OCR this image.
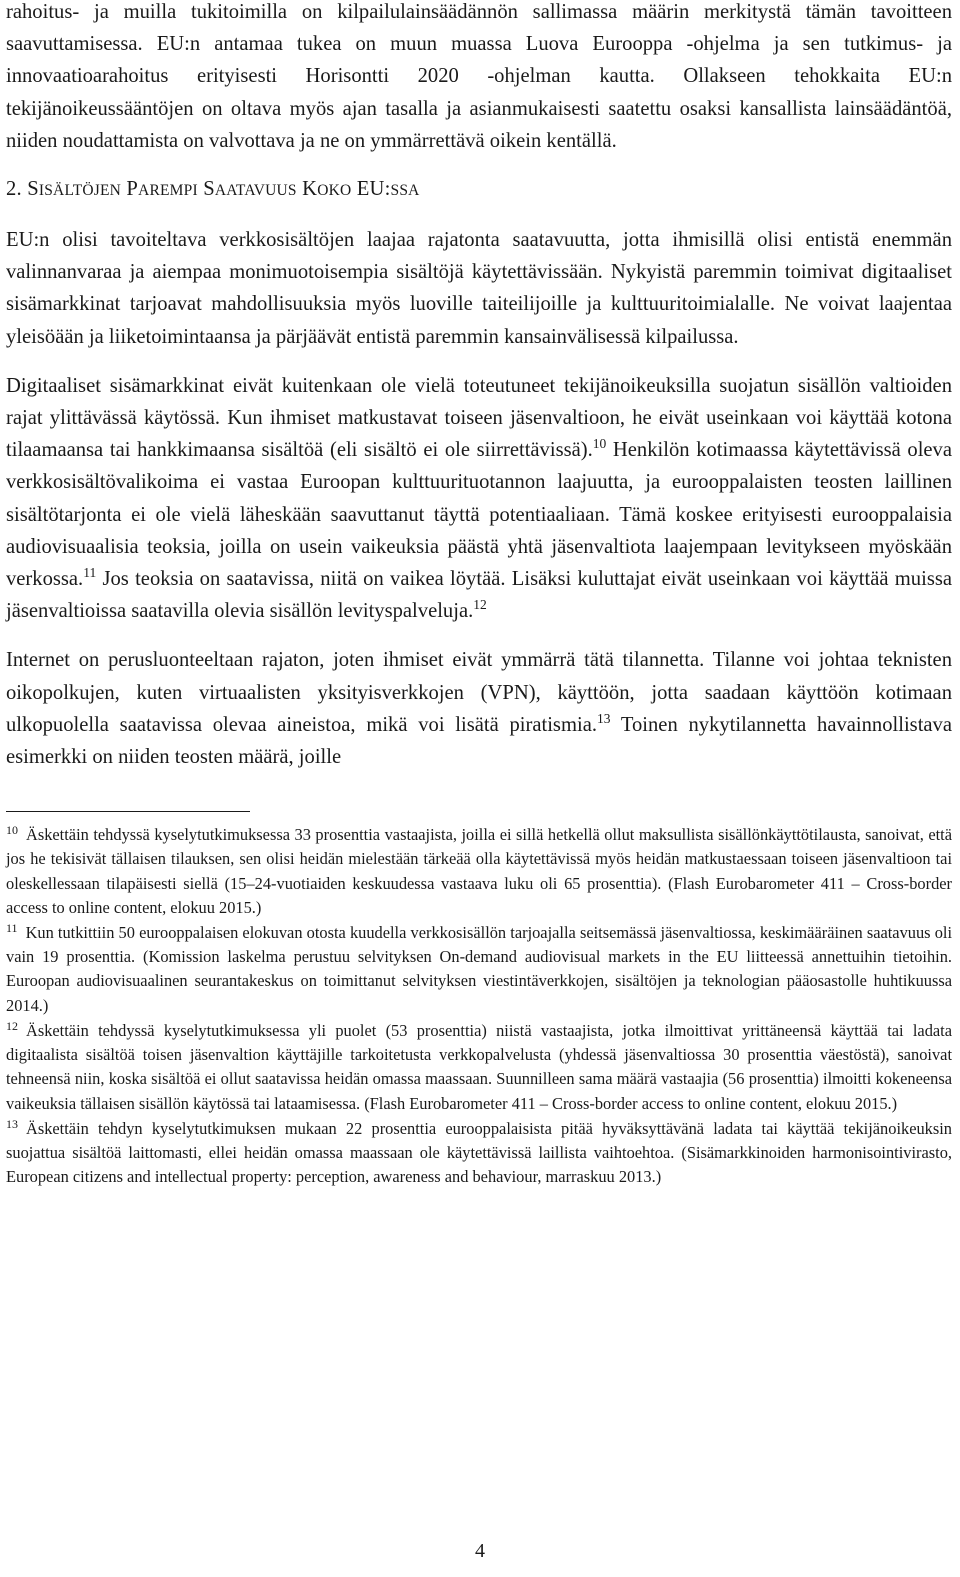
rahoitus- ja muilla tukitoimilla on kilpailulainsäädännön sallimassa määrin merkitystä tämän tavoitteen saavuttamisessa. EU:n antamaa tukea on muun muassa Luova Eurooppa -ohjelma ja sen tutkimus- ja innovaatioarahoitus erityisesti Horisontti 2020 -ohjelman kautta. Ollakseen tehokkaita EU:n tekijänoikeussääntöjen on oltava myös ajan tasalla ja asianmukaisesti saatettu osaksi kansallista lainsäädäntöä, niiden noudattamista on valvottava ja ne on ymmärrettävä oikein kentällä.

2. SISÄLTÖJEN PAREMPI SAATAVUUS KOKO EU:SSA

EU:n olisi tavoiteltava verkkosisältöjen laajaa rajatonta saatavuutta, jotta ihmisillä olisi entistä enemmän valinnanvaraa ja aiempaa monimuotoisempia sisältöjä käytettävissään. Nykyistä paremmin toimivat digitaaliset sisämarkkinat tarjoavat mahdollisuuksia myös luoville taiteilijoille ja kulttuuritoimialalle. Ne voivat laajentaa yleisöään ja liiketoimintaansa ja pärjäävät entistä paremmin kansainvälisessä kilpailussa.

Digitaaliset sisämarkkinat eivät kuitenkaan ole vielä toteutuneet tekijänoikeuksilla suojatun sisällön valtioiden rajat ylittävässä käytössä. Kun ihmiset matkustavat toiseen jäsenvaltioon, he eivät useinkaan voi käyttää kotona tilaamaansa tai hankkimaansa sisältöä (eli sisältö ei ole siirrettävissä).$^{10}$ Henkilön kotimaassa käytettävissä oleva verkkosisältövalikoima ei vastaa Euroopan kulttuurituotannon laajuutta, ja eurooppalaisten teosten laillinen sisältötarjonta ei ole vielä läheskään saavuttanut täyttä potentiaaliaan. Tämä koskee erityisesti eurooppalaisia audiovisuaalisia teoksia, joilla on usein vaikeuksia päästä yhtä jäsenvaltiota laajempaan levitykseen myöskään verkossa.$^{11}$ Jos teoksia on saatavissa, niitä on vaikea löytää. Lisäksi kuluttajat eivät useinkaan voi käyttää muissa jäsenvaltioissa saatavilla olevia sisällön levityspalveluja.$^{12}$

Internet on perusluonteeltaan rajaton, joten ihmiset eivät ymmärrä tätä tilannetta. Tilanne voi johtaa teknisten oikopolkujen, kuten virtuaalisten yksityisverkkojen (VPN), käyttöön, jotta saadaan käyttöön kotimaan ulkopuolella saatavissa olevaa aineistoa, mikä voi lisätä piratismia.$^{13}$ Toinen nykytilannetta havainnollistava esimerkki on niiden teosten määrä, joille

$^{10}$ Äskettäin tehdyssä kyselytutkimuksessa 33 prosenttia vastaajista, joilla ei sillä hetkellä ollut maksullista sisällönkäyttötilausta, sanoivat, että jos he tekisivät tällaisen tilauksen, sen olisi heidän mielestään tärkeää olla käytettävissä myös heidän matkustaessaan toiseen jäsenvaltioon tai oleskellessaan tilapäisesti siellä (15–24-vuotiaiden keskuudessa vastaava luku oli 65 prosenttia). (Flash Eurobarometer 411 – Cross-border access to online content, elokuu 2015.)

$^{11}$ Kun tutkittiin 50 eurooppalaisen elokuvan otosta kuudella verkkosisällön tarjoajalla seitsemässä jäsenvaltiossa, keskimääräinen saatavuus oli vain 19 prosenttia. (Komission laskelma perustuu selvityksen On-demand audiovisual markets in the EU liitteessä annettuihin tietoihin. Euroopan audiovisuaalinen seurantakeskus on toimittanut selvityksen viestintäverkkojen, sisältöjen ja teknologian pääosastolle huhtikuussa 2014.)

$^{12}$ Äskettäin tehdyssä kyselytutkimuksessa yli puolet (53 prosenttia) niistä vastaajista, jotka ilmoittivat yrittäneensä käyttää tai ladata digitaalista sisältöä toisen jäsenvaltion käyttäjille tarkoitetusta verkkopalvelusta (yhdessä jäsenvaltiossa 30 prosenttia väestöstä), sanoivat tehneensä niin, koska sisältöä ei ollut saatavissa heidän omassa maassaan. Suunnilleen sama määrä vastaajia (56 prosenttia) ilmoitti kokeneensa vaikeuksia tällaisen sisällön käytössä tai lataamisessa. (Flash Eurobarometer 411 – Cross-border access to online content, elokuu 2015.)

$^{13}$ Äskettäin tehdyn kyselytutkimuksen mukaan 22 prosenttia eurooppalaisista pitää hyväksyttävänä ladata tai käyttää tekijänoikeuksin suojattua sisältöä laittomasti, ellei heidän omassa maassaan ole käytettävissä laillista vaihtoehtoa. (Sisämarkkinoiden harmonisointivirasto, European citizens and intellectual property: perception, awareness and behaviour, marraskuu 2013.)

4
